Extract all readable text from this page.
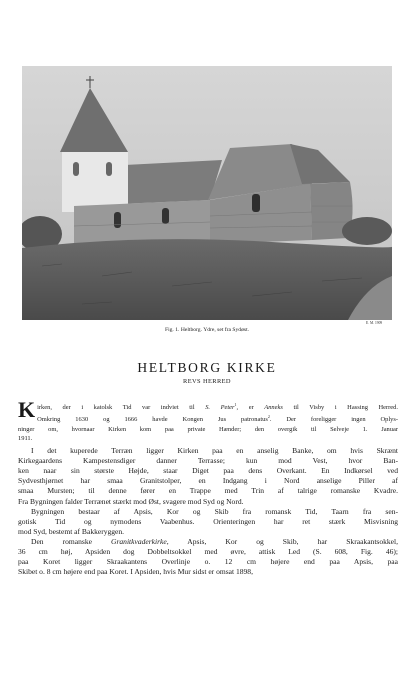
E. M. 1909
Fig. 1. Heltborg. Ydre, set fra Sydøst.
HELTBORG KIRKE
REVS HERRED
K irken, der i katolsk Tid var indviet til S. Peter$^1$, er Anneks til Visby i Hassing Herred.
Omkring 1630 og 1666 havde Kongen Jus patronatus$^2$. Der foreligger ingen Oplys-
ninger om, hvornaar Kirken kom paa private Hænder; den overgik til Selveje 1. Januar
1911.
I det kuperede Terræn ligger Kirken paa en anselig Banke, om hvis Skrænt
Kirkegaardens Kampestensdiger danner Terrasse; kun mod Vest, hvor Ban-
ken naar sin største Højde, staar Diget paa dens Overkant. En Indkørsel ved
Sydvesthjørnet har smaa Granitstolper, en Indgang i Nord anselige Piller af
smaa Mursten; til denne fører en Trappe med Trin af talrige romanske Kvadre.
Fra Bygningen falder Terrænet stærkt mod Øst, svagere mod Syd og Nord.
Bygningen bestaar af Apsis, Kor og Skib fra romansk Tid, Taarn fra sen-
gotisk Tid og nymodens Vaabenhus. Orienteringen har ret stærk Misvisning
mod Syd, bestemt af Bakkeryggen.
Den romanske Granitkvaderkirke, Apsis, Kor og Skib, har Skraakantsokkel,
36 cm høj, Apsiden dog Dobbeltsokkel med øvre, attisk Led (S. 608, Fig. 46);
paa Koret ligger Skraakantens Overlinje o. 12 cm højere end paa Apsis, paa
Skibet o. 8 cm højere end paa Koret. I Apsiden, hvis Mur sidst er omsat 1898,
